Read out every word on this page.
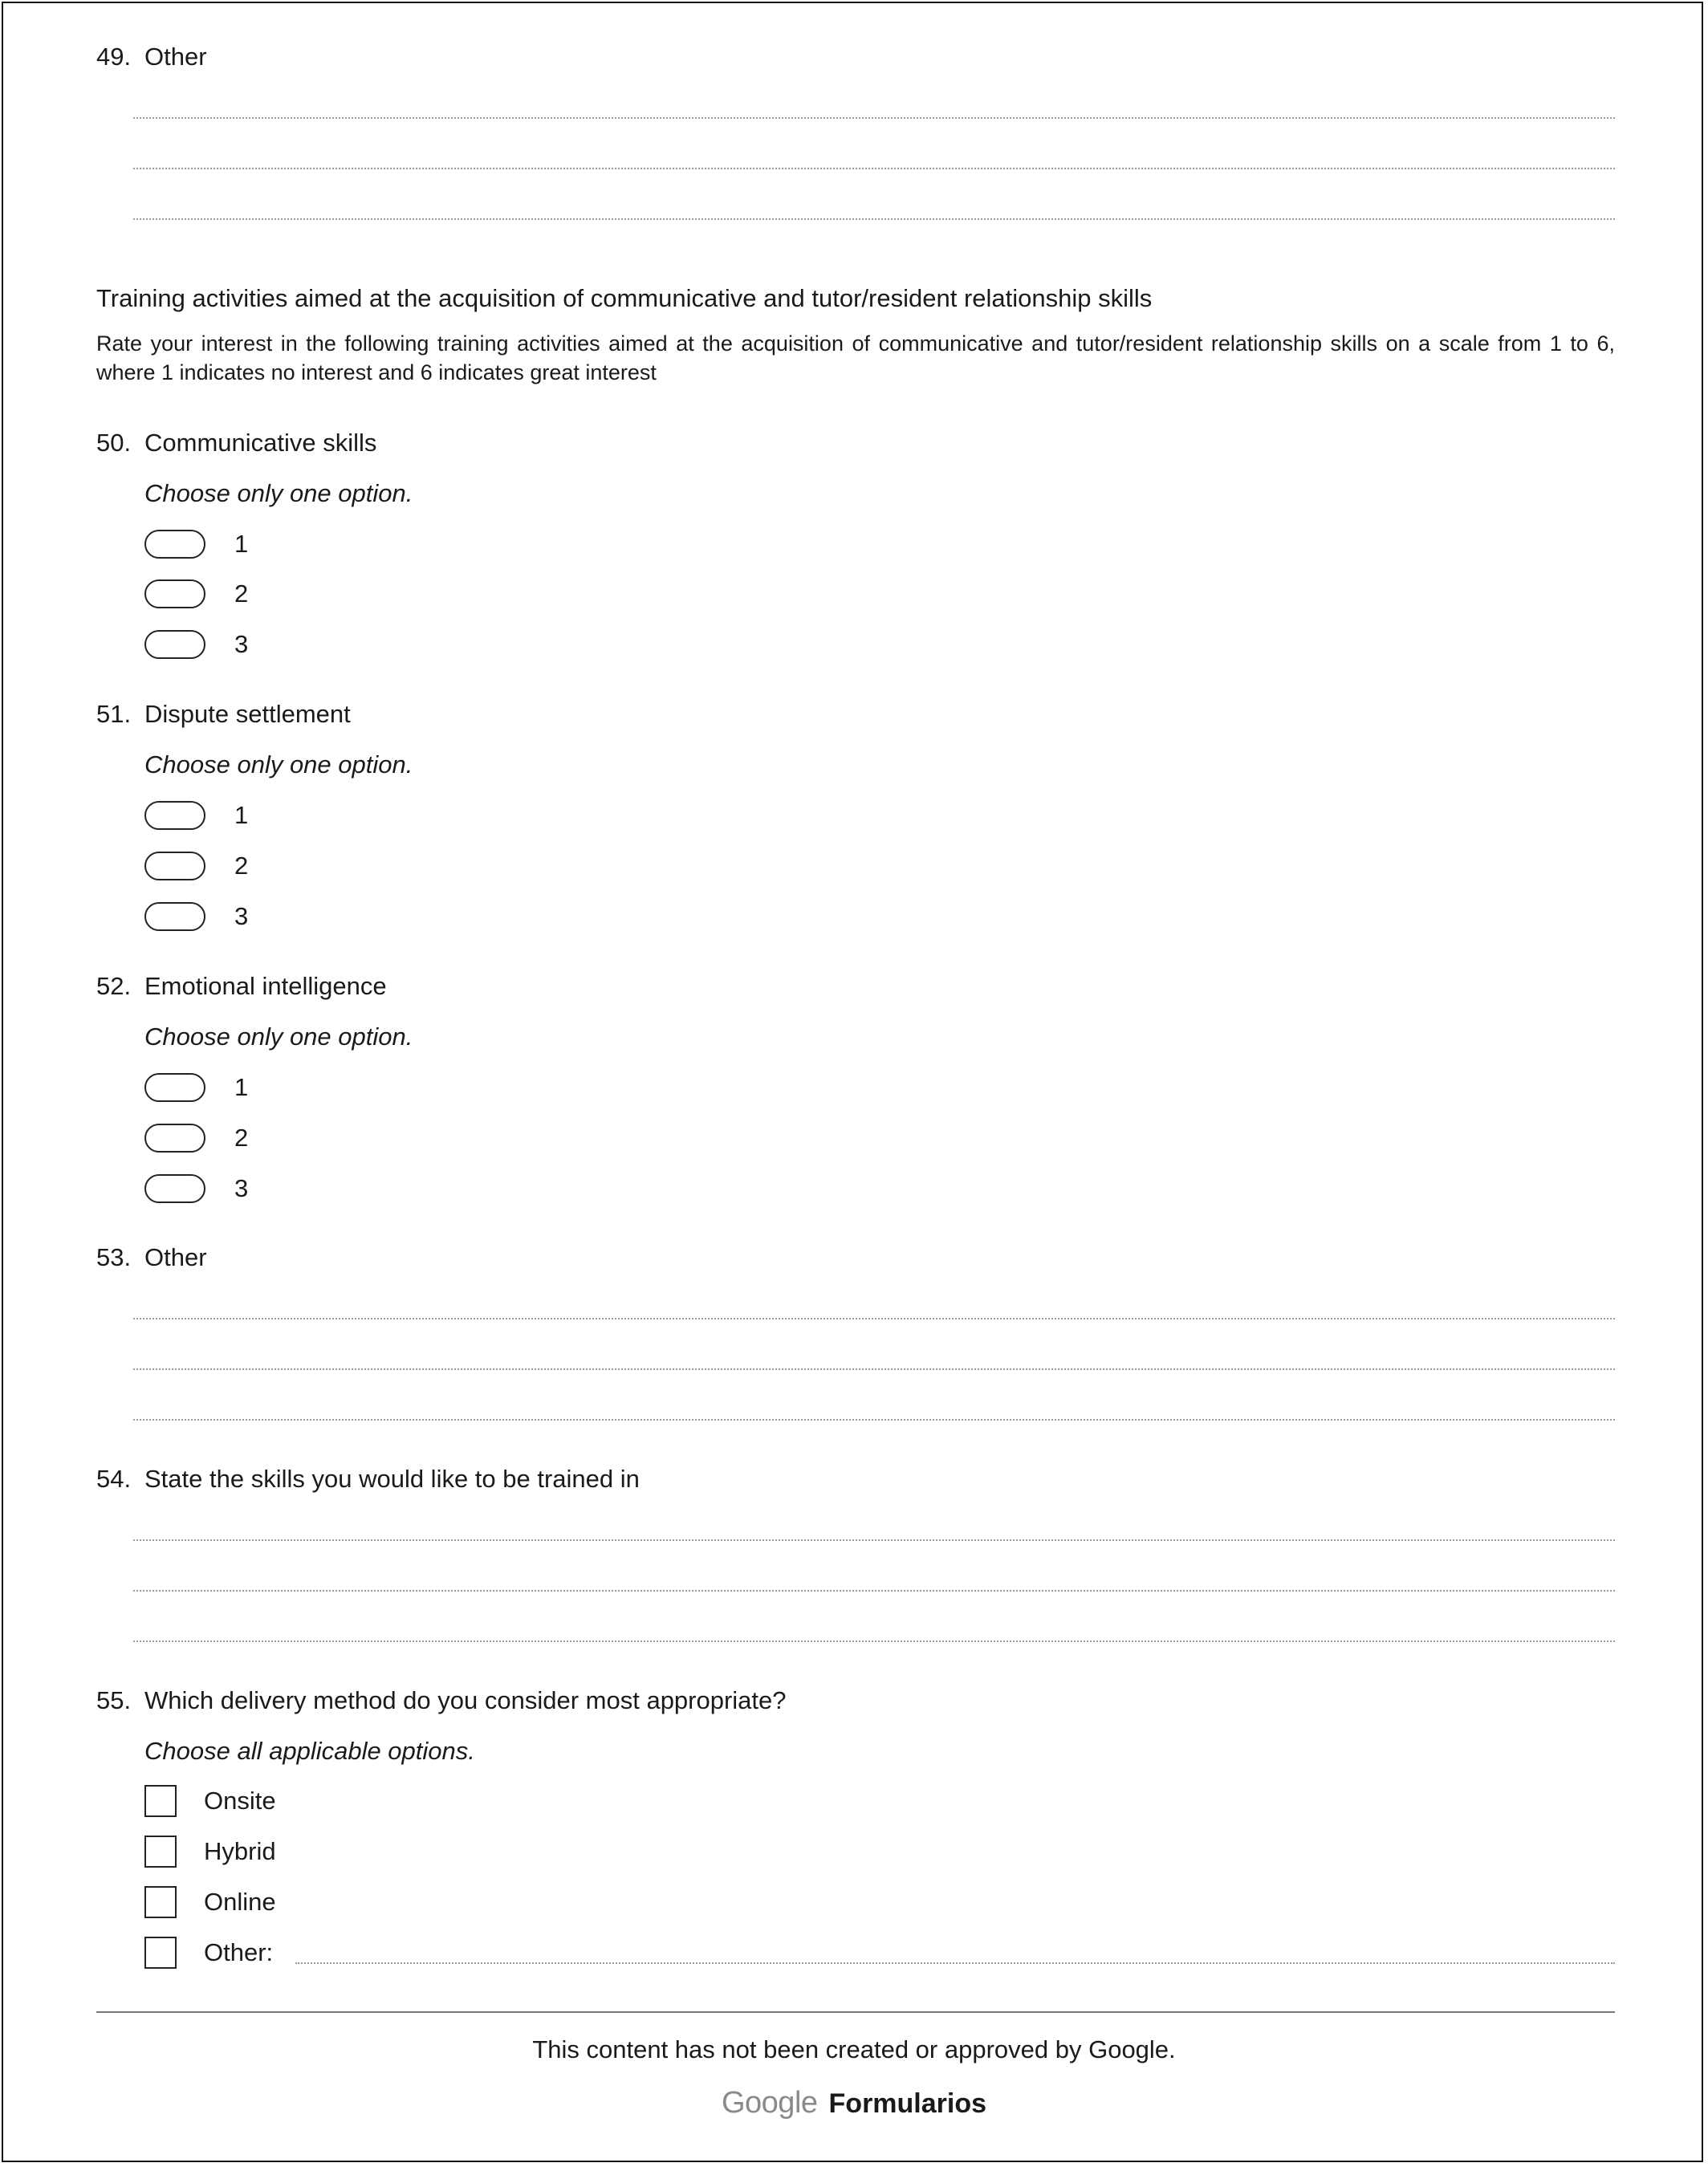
49. Other
Training activities aimed at the acquisition of communicative and tutor/resident relationship skills
Rate your interest in the following training activities aimed at the acquisition of communicative and tutor/resident relationship skills on a scale from 1 to 6, where 1 indicates no interest and 6 indicates great interest
50. Communicative skills
Choose only one option.
1
2
3
51. Dispute settlement
Choose only one option.
1
2
3
52. Emotional intelligence
Choose only one option.
1
2
3
53. Other
54. State the skills you would like to be trained in
55. Which delivery method do you consider most appropriate?
Choose all applicable options.
Onsite
Hybrid
Online
Other:
This content has not been created or approved by Google.
Google Formularios
